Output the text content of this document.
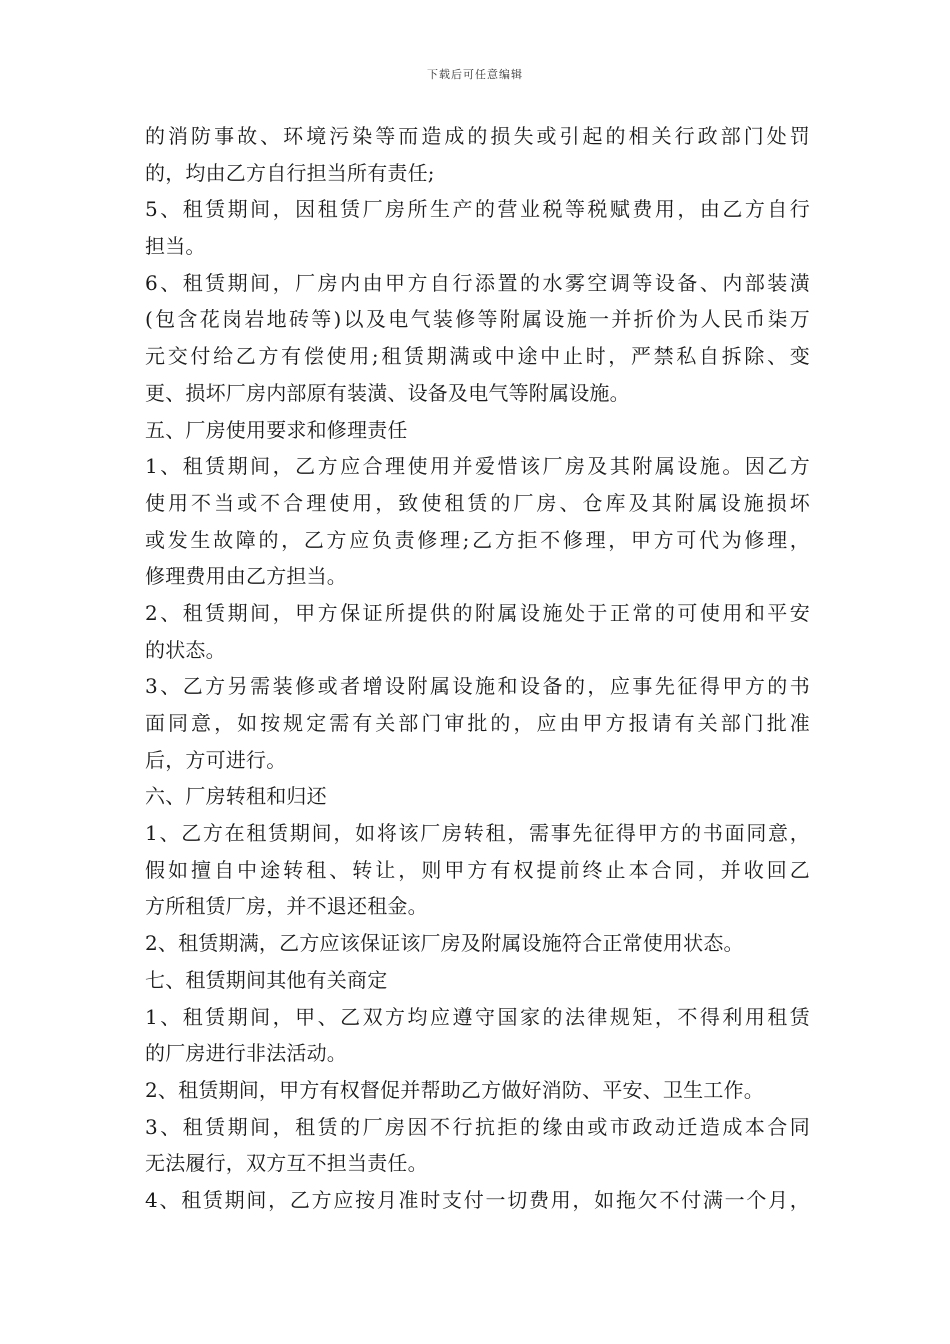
下载后可任意编辑
的消防事故、环境污染等而造成的损失或引起的相关行政部门处罚
的，均由乙方自行担当所有责任;
5、租赁期间，因租赁厂房所生产的营业税等税赋费用，由乙方自行
担当。
6、租赁期间，厂房内由甲方自行添置的水雾空调等设备、内部装潢
(包含花岗岩地砖等)以及电气装修等附属设施一并折价为人民币柒万
元交付给乙方有偿使用;租赁期满或中途中止时，严禁私自拆除、变
更、损坏厂房内部原有装潢、设备及电气等附属设施。
五、厂房使用要求和修理责任
1、租赁期间，乙方应合理使用并爱惜该厂房及其附属设施。因乙方
使用不当或不合理使用，致使租赁的厂房、仓库及其附属设施损坏
或发生故障的，乙方应负责修理;乙方拒不修理，甲方可代为修理，
修理费用由乙方担当。
2、租赁期间，甲方保证所提供的附属设施处于正常的可使用和平安
的状态。
3、乙方另需装修或者增设附属设施和设备的，应事先征得甲方的书
面同意，如按规定需有关部门审批的，应由甲方报请有关部门批准
后，方可进行。
六、厂房转租和归还
1、乙方在租赁期间，如将该厂房转租，需事先征得甲方的书面同意，
假如擅自中途转租、转让，则甲方有权提前终止本合同，并收回乙
方所租赁厂房，并不退还租金。
2、租赁期满，乙方应该保证该厂房及附属设施符合正常使用状态。
七、租赁期间其他有关商定
1、租赁期间，甲、乙双方均应遵守国家的法律规矩，不得利用租赁
的厂房进行非法活动。
2、租赁期间，甲方有权督促并帮助乙方做好消防、平安、卫生工作。
3、租赁期间，租赁的厂房因不行抗拒的缘由或市政动迁造成本合同
无法履行，双方互不担当责任。
4、租赁期间，乙方应按月准时支付一切费用，如拖欠不付满一个月，
